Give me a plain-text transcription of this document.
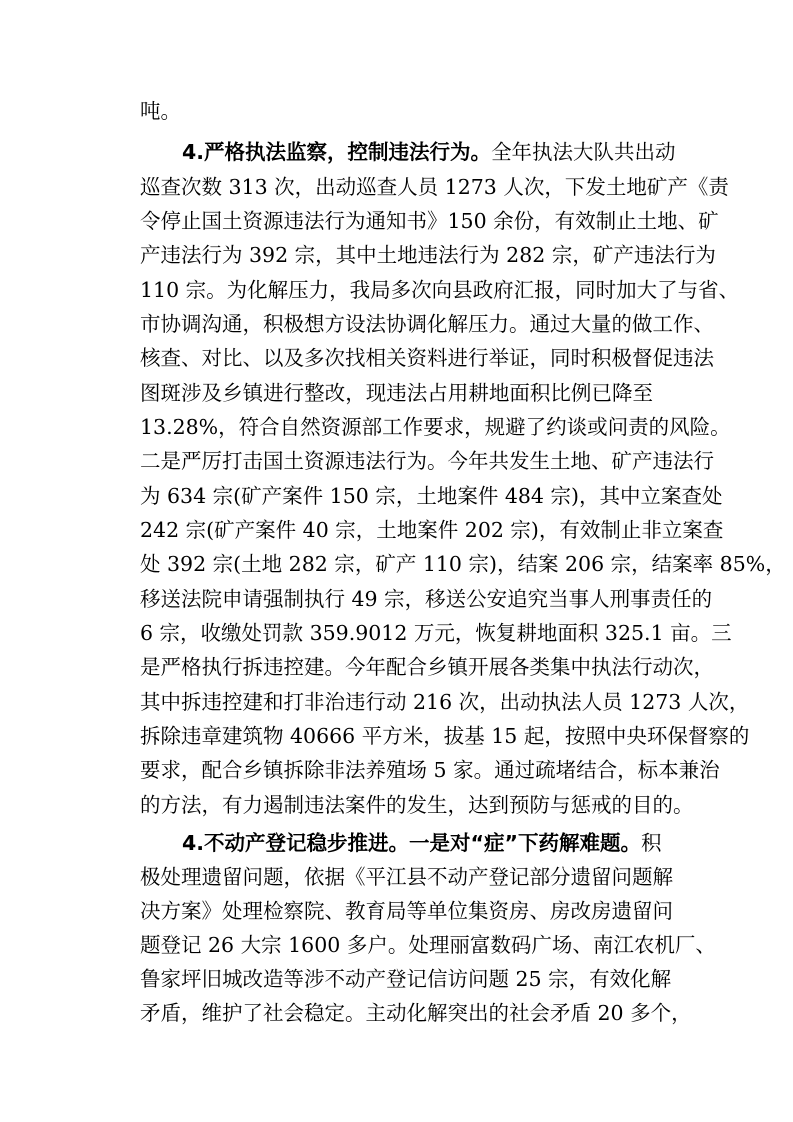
吨。
4.严格执法监察，控制违法行为。全年执法大队共出动
巡查次数 313 次，出动巡查人员 1273 人次，下发土地矿产《责
令停止国土资源违法行为通知书》150 余份，有效制止土地、矿
产违法行为 392 宗，其中土地违法行为 282 宗，矿产违法行为
110 宗。为化解压力，我局多次向县政府汇报，同时加大了与省、
市协调沟通，积极想方设法协调化解压力。通过大量的做工作、
核查、对比、以及多次找相关资料进行举证，同时积极督促违法
图斑涉及乡镇进行整改，现违法占用耕地面积比例已降至
13.28%，符合自然资源部工作要求，规避了约谈或问责的风险。
二是严厉打击国土资源违法行为。今年共发生土地、矿产违法行
为 634 宗(矿产案件 150 宗，土地案件 484 宗)，其中立案查处
242 宗(矿产案件 40 宗，土地案件 202 宗)，有效制止非立案查
处 392 宗(土地 282 宗，矿产 110 宗)，结案 206 宗，结案率 85%，
移送法院申请强制执行 49 宗，移送公安追究当事人刑事责任的
6 宗，收缴处罚款 359.9012 万元，恢复耕地面积 325.1 亩。三
是严格执行拆违控建。今年配合乡镇开展各类集中执法行动次，
其中拆违控建和打非治违行动 216 次，出动执法人员 1273 人次，
拆除违章建筑物 40666 平方米，拔基 15 起，按照中央环保督察的
要求，配合乡镇拆除非法养殖场 5 家。通过疏堵结合，标本兼治
的方法，有力遏制违法案件的发生，达到预防与惩戒的目的。
4.不动产登记稳步推进。一是对“症”下药解难题。积
极处理遗留问题，依据《平江县不动产登记部分遗留问题解
决方案》处理检察院、教育局等单位集资房、房改房遗留问
题登记 26 大宗 1600 多户。处理丽富数码广场、南江农机厂、
鲁家坪旧城改造等涉不动产登记信访问题 25 宗，有效化解
矛盾，维护了社会稳定。主动化解突出的社会矛盾 20 多个，
